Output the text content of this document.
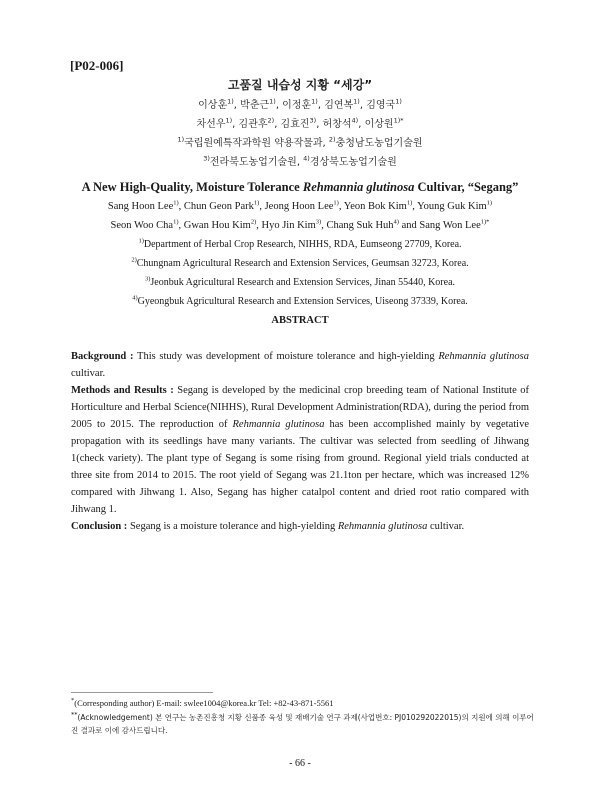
[P02-006]
고품질 내습성 지황 “세강”
이상훈$^{1)}$, 박춘근$^{1)}$, 이정훈$^{1)}$, 김연복$^{1)}$, 김영국$^{1)}$
차선우$^{1)}$, 김관후$^{2)}$, 김효진$^{3)}$, 허창석$^{4)}$, 이상원$^{1)*}$
$^{1)}$국립원예특작과학원 약용작물과, $^{2)}$충청남도농업기술원
$^{3)}$전라북도농업기술원, $^{4)}$경상북도농업기술원
A New High-Quality, Moisture Tolerance Rehmannia glutinosa Cultivar, “Segang”
Sang Hoon Lee$^{1)}$, Chun Geon Park$^{1)}$, Jeong Hoon Lee$^{1)}$, Yeon Bok Kim$^{1)}$, Young Guk Kim$^{1)}$
Seon Woo Cha$^{1)}$, Gwan Hou Kim$^{2)}$, Hyo Jin Kim$^{3)}$, Chang Suk Huh$^{4)}$ and Sang Won Lee$^{1)*}$
$^{1)}$Department of Herbal Crop Research, NIHHS, RDA, Eumseong 27709, Korea.
$^{2)}$Chungnam Agricultural Research and Extension Services, Geumsan 32723, Korea.
$^{3)}$Jeonbuk Agricultural Research and Extension Services, Jinan 55440, Korea.
$^{4)}$Gyeongbuk Agricultural Research and Extension Services, Uiseong 37339, Korea.
ABSTRACT

Background : This study was development of moisture tolerance and high-yielding Rehmannia glutinosa cultivar.

Methods and Results : Segang is developed by the medicinal crop breeding team of National Institute of Horticulture and Herbal Science(NIHHS), Rural Development Administration(RDA), during the period from 2005 to 2015. The reproduction of Rehmannia glutinosa has been accomplished mainly by vegetative propagation with its seedlings have many variants. The cultivar was selected from seedling of Jihwang 1(check variety). The plant type of Segang is some rising from ground. Regional yield trials conducted at three site from 2014 to 2015. The root yield of Segang was 21.1ton per hectare, which was increased 12% compared with Jihwang 1. Also, Segang has higher catalpol content and dried root ratio compared with Jihwang 1.

Conclusion : Segang is a moisture tolerance and high-yielding Rehmannia glutinosa cultivar.

*(Corresponding author) E-mail: swlee1004@korea.kr Tel: +82-43-871-5561
**(Acknowledgement) 본 연구는 농촌진흥청 지황 신품종 육성 및 재배기술 연구 과제(사업번호: PJ010292022015)의 지원에 의해 이루어진 결과로 이에 감사드립니다.
- 66 -
